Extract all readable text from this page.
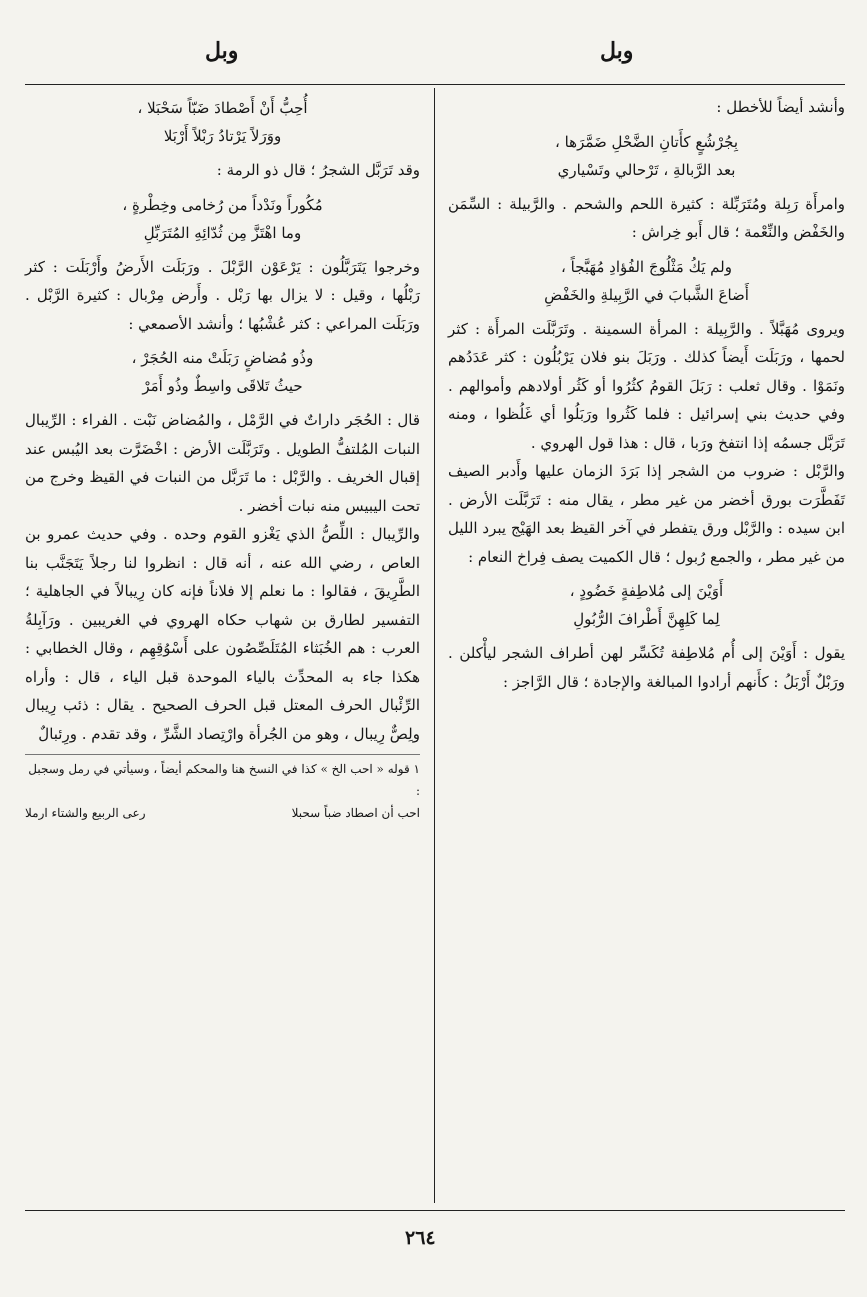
وبل
وبل

وأنشد أيضاً للأخطل :

بِجُرْشُعٍ كأَتانِ الضَّحْلِ ضَمَّرَها ،
بعد الرَّبالةِ ، تَرْحالي وتَسْياري

وامرأَة رَبِلة ومُتَرَبِّلة : كثيرة اللحم والشحم . والرَّبيلة : السِّمَن والخَفْض والنِّعْمة ؛ قال أَبو خِراش :

ولم يَكُ مَثْلُوجَ الفُؤادِ مُهَبَّجاً ،
أَضاعَ الشَّبابَ في الرَّبِيلةِ والخَفْضِ

ويروى مُهَبَّلاً . والرَّبِيلة : المرأة السمينة . وتَرَبَّلَت المرأَة : كثر لحمها ، ورَبَلَت أَيضاً كذلك . ورَبَلَ بنو فلان يَرْبُلُون : كثر عَدَدُهم ونَمَوْا . وقال ثعلب : رَبَلَ القومُ كثُرُوا أو كَثُر أولادهم وأموالهم . وفي حديث بني إسرائيل : فلما كَثُروا ورَبَلُوا أي غَلُظوا ، ومنه تَرَبَّل جسمُه إذا انتفخ ورَبا ، قال : هذا قول الهروي .

والرَّبْل : ضروب من الشجر إذا بَرَدَ الزمان عليها وأَدبر الصيف تَفَطَّرَت بورق أخضر من غير مطر ، يقال منه : تَرَبَّلَت الأرض . ابن سيده : والرَّبْل ورق يتفطر في آخر القيظ بعد الهَيْج يبرد الليل من غير مطر ، والجمع رُبول ؛ قال الكميت يصف فِراخ النعام :

أَوَيْنَ إلى مُلاطِفةٍ خَضُودٍ ،
لِما كَلِهِنَّ أَطْرافَ الرُّبُولِ

يقول : أَوَيْنَ إلى أُم مُلاطِفة تُكَسِّر لهن أطراف الشجر ليأْكلن . ورَبْلٌ أَرْبَلُ : كأَنهم أرادوا المبالغة والإجادة ؛ قال الرَّاجز :

أُحِبُّ أَنْ أَصْطادَ ضَبّاً سَحْبَلا ،
ووَرَلاً يَرْتادُ رَبْلاً أَرْبَلا

وقد تَرَبَّل الشجرُ ؛ قال ذو الرمة :

مُكُوراً ونَدْداً من رُخامى وخِطْرةٍ ،
وما اهْتَزَّ مِن ثُدّائِهِ المُتَرَبِّلِ

وخرجوا يَتَرَبَّلُون : يَرْعَوْن الرَّبْلَ . ورَبَلَت الأَرضُ وأَرْبَلَت : كثر رَبْلُها ، وقيل : لا يزال بها رَبْل . وأَرض مِرْبال : كثيرة الرَّبْل . ورَبَلَت المراعي : كثر عُشْبُها ؛ وأنشد الأصمعي :

وذُو مُضاضٍ رَبَلَتْ منه الحُجَرْ ،
حيثُ تَلاقَى واسِطٌ وذُو أَمَرْ

قال : الحُجَر داراتٌ في الرَّمْل ، والمُضاض نَبْت . الفراء : الرِّيبال النبات المُلتفُّ الطويل . وتَرَبَّلَت الأرض : اخْضَرَّت بعد اليُبس عند إقبال الخريف . والرَّبْل : ما تَرَبَّل من النبات في القيظ وخرج من تحت اليبيس منه نبات أخضر .

والرِّيبال : اللِّصُّ الذي يَغْزو القوم وحده . وفي حديث عمرو بن العاص ، رضي الله عنه ، أنه قال : انظروا لنا رجلاً يَتَجَنَّب بنا الطَّرِيقَ ، فقالوا : ما نعلم إلا فلاناً فإنه كان رِيبالاً في الجاهلية ؛ التفسير لطارق بن شهاب حكاه الهروي في الغريبين . ورَآبِلةُ العرب : هم الخُبَثاء المُتَلَصِّصُون على أَسْوُقِهِم ، وقال الخطابي : هكذا جاء به المحدِّث بالياء الموحدة قبل الياء ، قال : وأراه الرِّئْبال الحرف المعتل قبل الحرف الصحيح . يقال : ذئب رِيبال ولِصٌّ رِيبال ، وهو من الجُرأة وارْتِصاد الشَّرِّ ، وقد تقدم . ورِئبالٌ

١ قوله « احب الخ » كذا في النسخ هنا والمحكم أيضاً ، وسيأتي في رمل وسجبل :
احب أن اصطاد ضباً سحبلا
رعى الربيع والشتاء ارملا
٢٦٤
